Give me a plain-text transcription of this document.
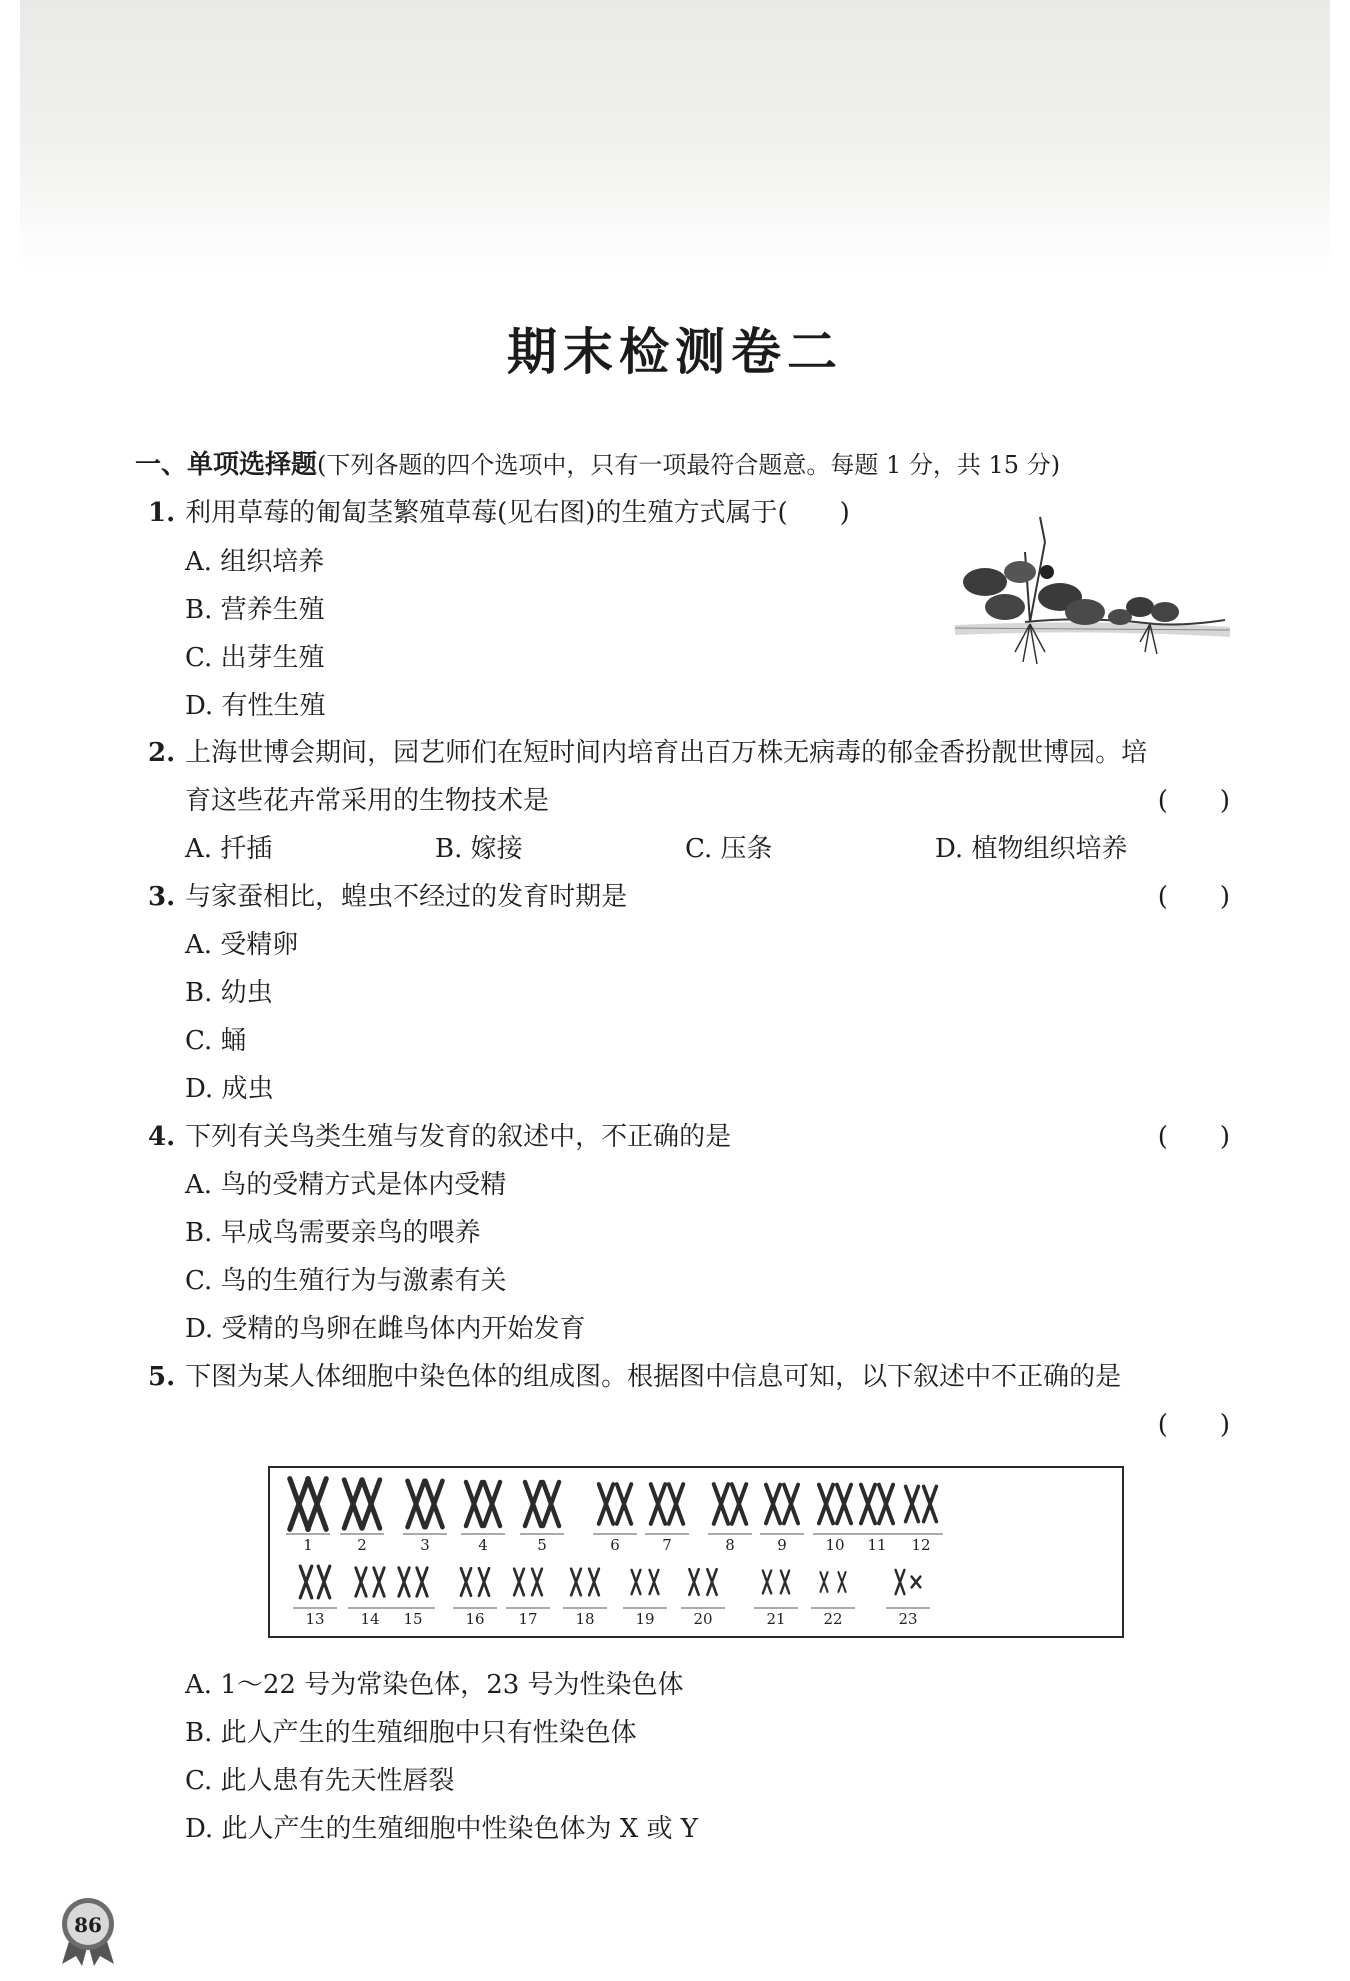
期末检测卷二
一、单项选择题(下列各题的四个选项中，只有一项最符合题意。每题 1 分，共 15 分)
1. 利用草莓的匍匐茎繁殖草莓(见右图)的生殖方式属于(　　)
A. 组织培养
B. 营养生殖
C. 出芽生殖
D. 有性生殖
2. 上海世博会期间，园艺师们在短时间内培育出百万株无病毒的郁金香扮靓世博园。培
育这些花卉常采用的生物技术是	(　　)
A. 扦插	B. 嫁接	C. 压条	D. 植物组织培养
3. 与家蚕相比，蝗虫不经过的发育时期是	(　　)
A. 受精卵
B. 幼虫
C. 蛹
D. 成虫
4. 下列有关鸟类生殖与发育的叙述中，不正确的是	(　　)
A. 鸟的受精方式是体内受精
B. 早成鸟需要亲鸟的喂养
C. 鸟的生殖行为与激素有关
D. 受精的鸟卵在雌鸟体内开始发育
5. 下图为某人体细胞中染色体的组成图。根据图中信息可知，以下叙述中不正确的是
(　　)
1	2	3	4	5	6	7	8	9	10 11 12
13 14 15	16 17	18	19	20	21	22	23
A. 1～22 号为常染色体，23 号为性染色体
B. 此人产生的生殖细胞中只有性染色体
C. 此人患有先天性唇裂
D. 此人产生的生殖细胞中性染色体为 X 或 Y
86
